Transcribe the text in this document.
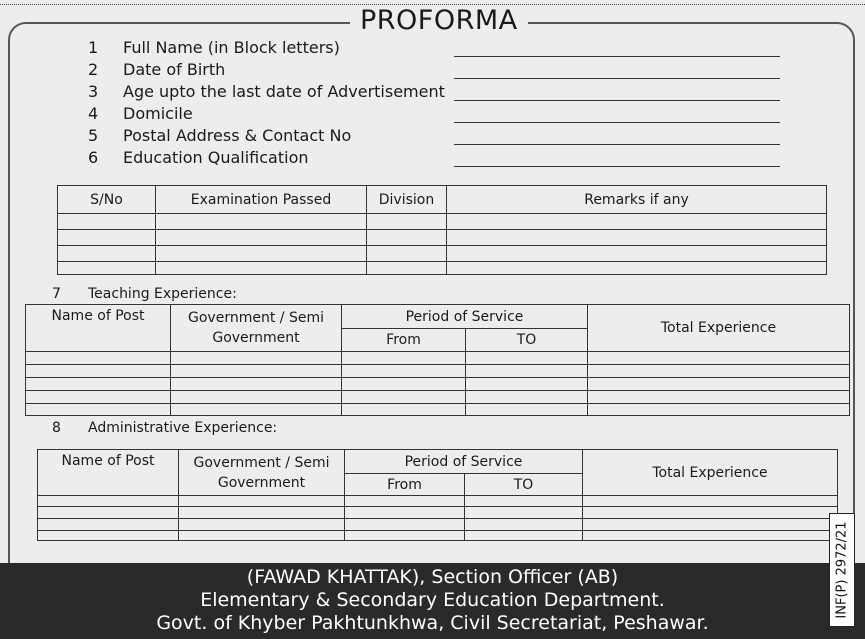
PROFORMA
1	Full Name (in Block letters)
2	Date of Birth
3	Age upto the last date of Advertisement
4	Domicile
5	Postal Address & Contact No
6	Education Qualification
S/No	Examination Passed	Division	Remarks if any

7 Teaching Experience:
Name of Post	Government / Semi Government	Period of Service		Total Experience
		From	TO	

8 Administrative Experience:
Name of Post	Government / Semi Government	Period of Service		Total Experience
		From	TO	

(FAWAD KHATTAK), Section Officer (AB)
Elementary & Secondary Education Department.
Govt. of Khyber Pakhtunkhwa, Civil Secretariat, Peshawar.
INF(P) 2972/21
